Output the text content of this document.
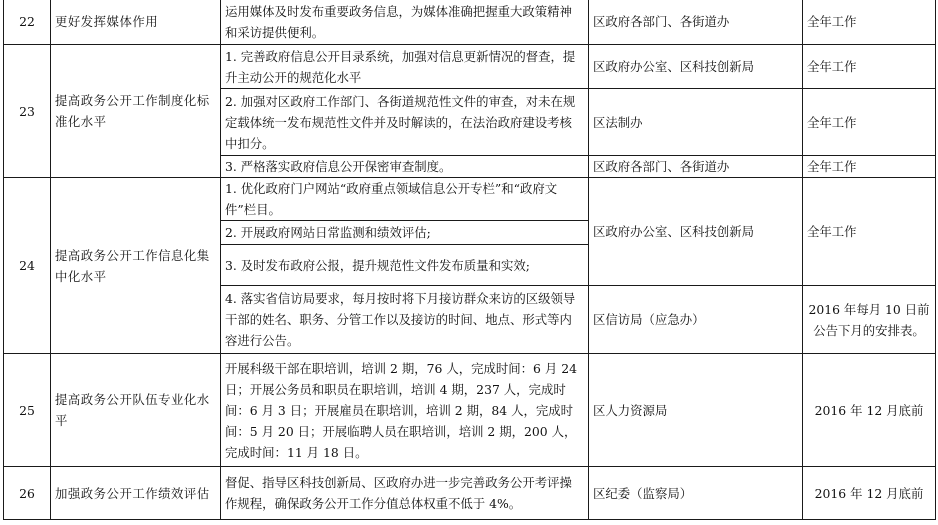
22	更好发挥媒体作用	运用媒体及时发布重要政务信息，为媒体准确把握重大政策精神和采访提供便利。	区政府各部门、各街道办	全年工作
23	提高政务公开工作制度化标准化水平	1. 完善政府信息公开目录系统，加强对信息更新情况的督查，提升主动公开的规范化水平	区政府办公室、区科技创新局	全年工作
		2. 加强对区政府工作部门、各街道规范性文件的审查，对未在规定载体统一发布规范性文件并及时解读的，在法治政府建设考核中扣分。	区法制办	全年工作
		3. 严格落实政府信息公开保密审查制度。	区政府各部门、各街道办	全年工作
24	提高政务公开工作信息化集中化水平	1. 优化政府门户网站“政府重点领域信息公开专栏”和“政府文件”栏目。	区政府办公室、区科技创新局	全年工作
		2. 开展政府网站日常监测和绩效评估;		
		3. 及时发布政府公报，提升规范性文件发布质量和实效;		
		4. 落实省信访局要求，每月按时将下月接访群众来访的区级领导干部的姓名、职务、分管工作以及接访的时间、地点、形式等内容进行公告。	区信访局（应急办）	2016 年每月 10 日前公告下月的安排表。
25	提高政务公开队伍专业化水平	开展科级干部在职培训，培训 2 期，76 人，完成时间：6 月 24 日；开展公务员和职员在职培训，培训 4 期，237 人，完成时间：6 月 3 日；开展雇员在职培训，培训 2 期，84 人，完成时间：5 月 20 日；开展临聘人员在职培训，培训 2 期，200 人，完成时间：11 月 18 日。	区人力资源局	2016 年 12 月底前
26	加强政务公开工作绩效评估	督促、指导区科技创新局、区政府办进一步完善政务公开考评操作规程，确保政务公开工作分值总体权重不低于 4%。	区纪委（监察局）	2016 年 12 月底前
